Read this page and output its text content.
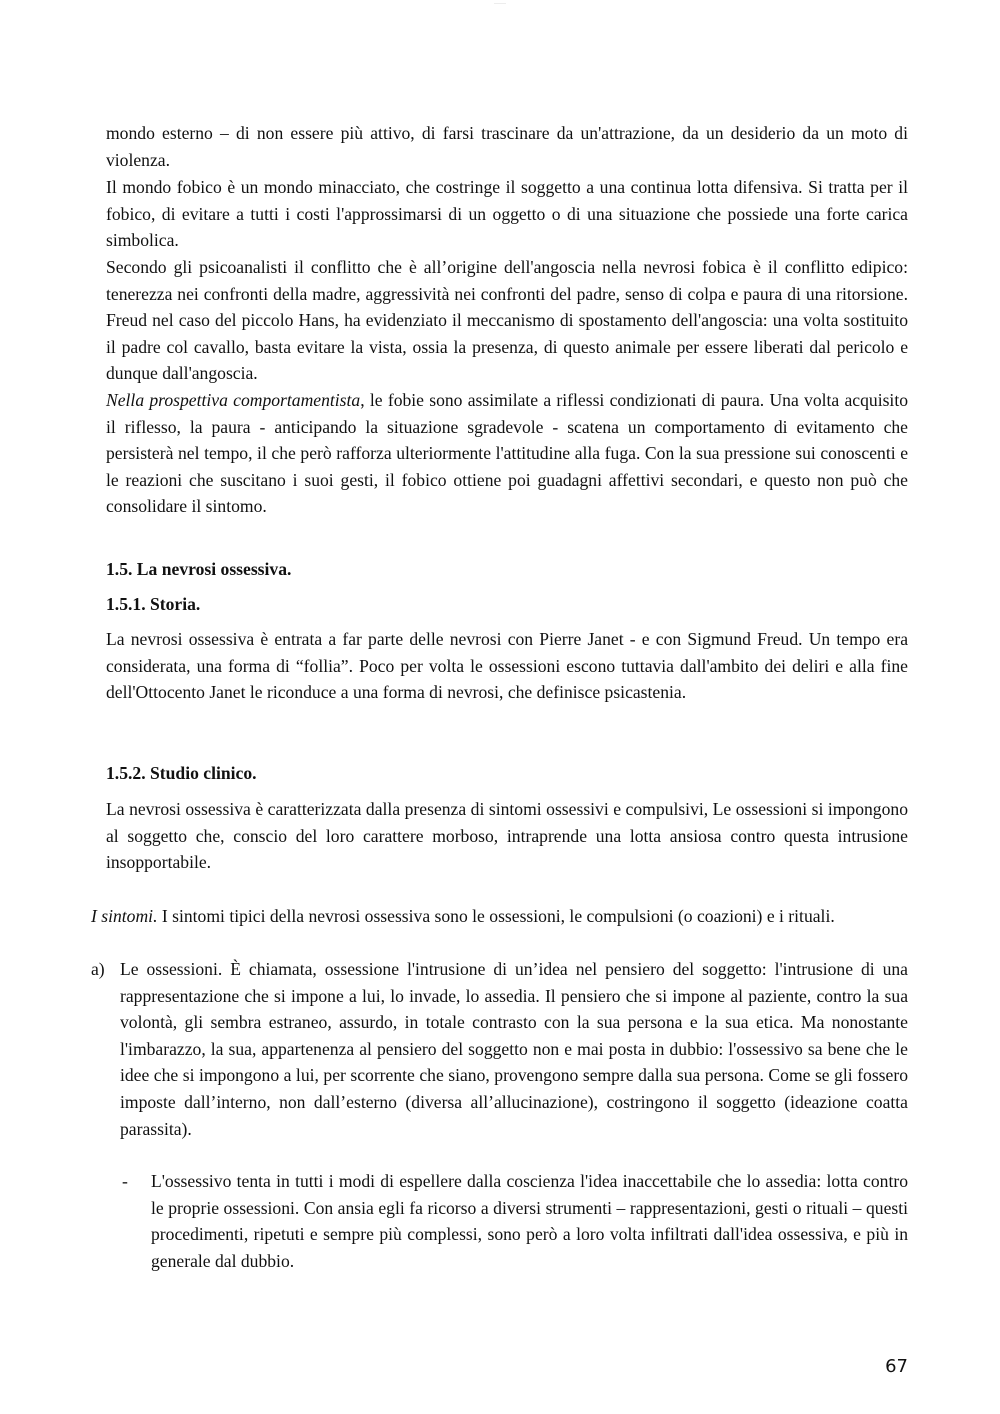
________

mondo esterno – di non essere più attivo, di farsi trascinare da un'attrazione, da un desiderio da un moto di violenza.

Il mondo fobico è un mondo minacciato, che costringe il soggetto a una continua lotta difensiva. Si tratta per il fobico, di evitare a tutti i costi l'approssimarsi di un oggetto o di una situazione che possiede una forte carica simbolica.

Secondo gli psicoanalisti il conflitto che è all’origine dell'angoscia nella nevrosi fobica è il conflitto edipico: tenerezza nei confronti della madre, aggressività nei confronti del padre, senso di colpa e paura di una ritorsione. Freud nel caso del piccolo Hans, ha evidenziato il meccanismo di spostamento dell'angoscia: una volta sostituito il padre col cavallo, basta evitare la vista, ossia la presenza, di questo animale per essere liberati dal pericolo e dunque dall'angoscia.

Nella prospettiva comportamentista, le fobie sono assimilate a riflessi condizionati di paura. Una volta acquisito il riflesso, la paura - anticipando la situazione sgradevole - scatena un comportamento di evitamento che persisterà nel tempo, il che però rafforza ulteriormente l'attitudine alla fuga. Con la sua pressione sui conoscenti e le reazioni che suscitano i suoi gesti, il fobico ottiene poi guadagni affettivi secondari, e questo non può che consolidare il sintomo.

1.5. La nevrosi ossessiva.
1.5.1. Storia.

La nevrosi ossessiva è entrata a far parte delle nevrosi con Pierre Janet - e con Sigmund Freud. Un tempo era considerata, una forma di “follia”. Poco per volta le ossessioni escono tuttavia dall'ambito dei deliri e alla fine dell'Ottocento Janet le riconduce a una forma di nevrosi, che definisce psicastenia.

1.5.2. Studio clinico.

La nevrosi ossessiva è caratterizzata dalla presenza di sintomi ossessivi e compulsivi, Le ossessioni si impongono al soggetto che, conscio del loro carattere morboso, intraprende una lotta ansiosa contro questa intrusione insopportabile.

I sintomi. I sintomi tipici della nevrosi ossessiva sono le ossessioni, le compulsioni (o coazioni) e i rituali.

a) Le ossessioni. È chiamata, ossessione l'intrusione di un’idea nel pensiero del soggetto: l'intrusione di una rappresentazione che si impone a lui, lo invade, lo assedia. Il pensiero che si impone al paziente, contro la sua volontà, gli sembra estraneo, assurdo, in totale contrasto con la sua persona e la sua etica. Ma nonostante l'imbarazzo, la sua, appartenenza al pensiero del soggetto non e mai posta in dubbio: l'ossessivo sa bene che le idee che si impongono a lui, per scorrente che siano, provengono sempre dalla sua persona. Come se gli fossero imposte dall’interno, non dall’esterno (diversa all’allucinazione), costringono il soggetto (ideazione coatta parassita).

- L'ossessivo tenta in tutti i modi di espellere dalla coscienza l'idea inaccettabile che lo assedia: lotta contro le proprie ossessioni. Con ansia egli fa ricorso a diversi strumenti – rappresentazioni, gesti o rituali – questi procedimenti, ripetuti e sempre più complessi, sono però a loro volta infiltrati dall'idea ossessiva, e più in generale dal dubbio.

67
